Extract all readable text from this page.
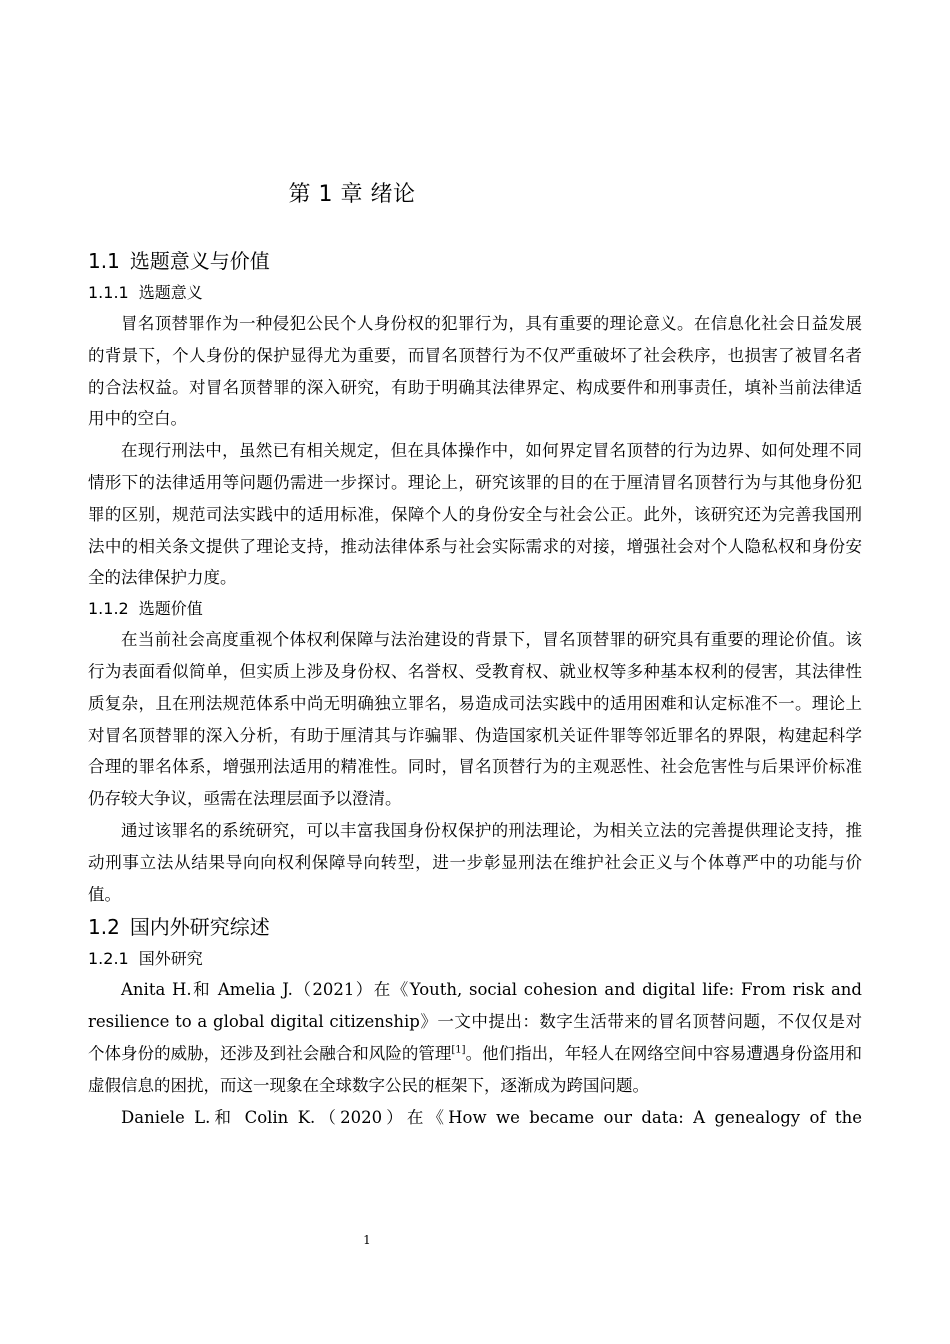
第 1 章 绪论
1.1 选题意义与价值
1.1.1 选题意义

冒名顶替罪作为一种侵犯公民个人身份权的犯罪行为，具有重要的理论意义。在信息化社会日益发展的背景下，个人身份的保护显得尤为重要，而冒名顶替行为不仅严重破坏了社会秩序，也损害了被冒名者的合法权益。对冒名顶替罪的深入研究，有助于明确其法律界定、构成要件和刑事责任，填补当前法律适用中的空白。

在现行刑法中，虽然已有相关规定，但在具体操作中，如何界定冒名顶替的行为边界、如何处理不同情形下的法律适用等问题仍需进一步探讨。理论上，研究该罪的目的在于厘清冒名顶替行为与其他身份犯罪的区别，规范司法实践中的适用标准，保障个人的身份安全与社会公正。此外，该研究还为完善我国刑法中的相关条文提供了理论支持，推动法律体系与社会实际需求的对接，增强社会对个人隐私权和身份安全的法律保护力度。

1.1.2 选题价值

在当前社会高度重视个体权利保障与法治建设的背景下，冒名顶替罪的研究具有重要的理论价值。该行为表面看似简单，但实质上涉及身份权、名誉权、受教育权、就业权等多种基本权利的侵害，其法律性质复杂，且在刑法规范体系中尚无明确独立罪名，易造成司法实践中的适用困难和认定标准不一。理论上对冒名顶替罪的深入分析，有助于厘清其与诈骗罪、伪造国家机关证件罪等邻近罪名的界限，构建起科学合理的罪名体系，增强刑法适用的精准性。同时，冒名顶替行为的主观恶性、社会危害性与后果评价标准仍存较大争议，亟需在法理层面予以澄清。

通过该罪名的系统研究，可以丰富我国身份权保护的刑法理论，为相关立法的完善提供理论支持，推动刑事立法从结果导向向权利保障导向转型，进一步彰显刑法在维护社会正义与个体尊严中的功能与价值。

1.2 国内外研究综述
1.2.1 国外研究

Anita H.和 Amelia J.（2021）在《Youth, social cohesion and digital life: From risk and resilience to a global digital citizenship》一文中提出：数字生活带来的冒名顶替问题，不仅仅是对个体身份的威胁，还涉及到社会融合和风险的管理[1]。他们指出，年轻人在网络空间中容易遭遇身份盗用和虚假信息的困扰，而这一现象在全球数字公民的框架下，逐渐成为跨国问题。

Daniele L.和 Colin K.（2020）在《How we became our data: A genealogy of the

1
